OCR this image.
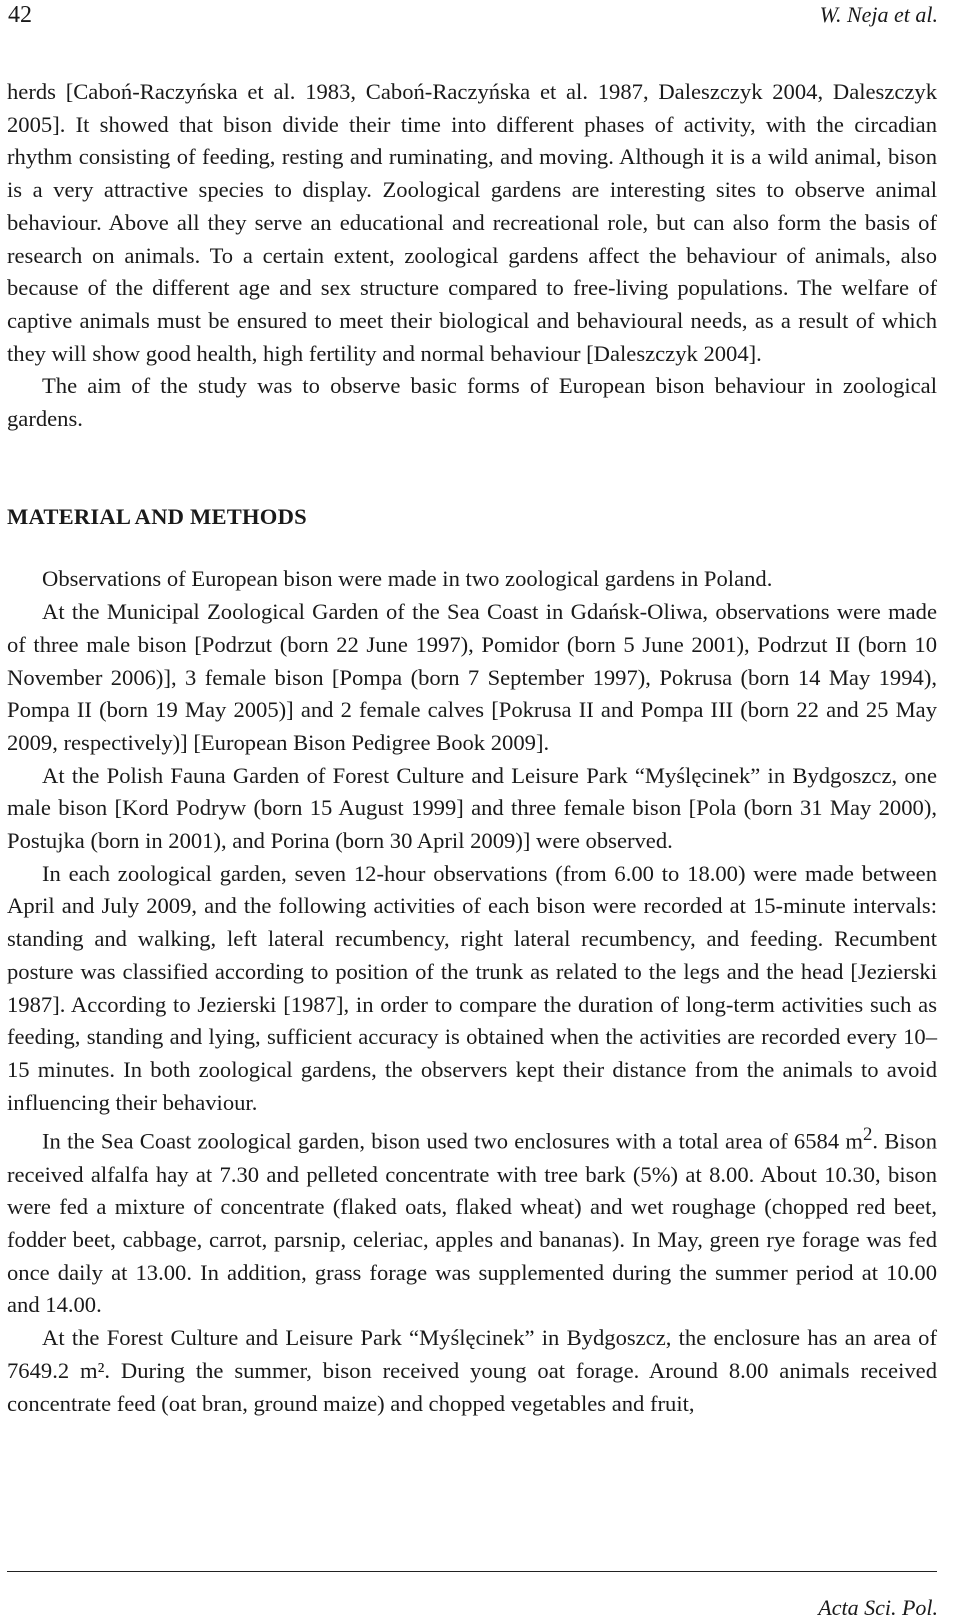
42	W. Neja et al.

herds [Caboń-Raczyńska et al. 1983, Caboń-Raczyńska et al. 1987, Daleszczyk 2004, Daleszczyk 2005]. It showed that bison divide their time into different phases of activity, with the circadian rhythm consisting of feeding, resting and ruminating, and moving. Although it is a wild animal, bison is a very attractive species to display. Zoological gardens are interesting sites to observe animal behaviour. Above all they serve an educational and recreational role, but can also form the basis of research on animals. To a certain extent, zoological gardens affect the behaviour of animals, also because of the different age and sex structure compared to free-living populations. The welfare of captive animals must be ensured to meet their biological and behavioural needs, as a result of which they will show good health, high fertility and normal behaviour [Daleszczyk 2004].

The aim of the study was to observe basic forms of European bison behaviour in zoological gardens.

MATERIAL AND METHODS

Observations of European bison were made in two zoological gardens in Poland.

At the Municipal Zoological Garden of the Sea Coast in Gdańsk-Oliwa, observations were made of three male bison [Podrzut (born 22 June 1997), Pomidor (born 5 June 2001), Podrzut II (born 10 November 2006)], 3 female bison [Pompa (born 7 September 1997), Pokrusa (born 14 May 1994), Pompa II (born 19 May 2005)] and 2 female calves [Pokrusa II and Pompa III (born 22 and 25 May 2009, respectively)] [European Bison Pedigree Book 2009].

At the Polish Fauna Garden of Forest Culture and Leisure Park “Myślęcinek” in Bydgoszcz, one male bison [Kord Podryw (born 15 August 1999] and three female bison [Pola (born 31 May 2000), Postujka (born in 2001), and Porina (born 30 April 2009)] were observed.

In each zoological garden, seven 12-hour observations (from 6.00 to 18.00) were made between April and July 2009, and the following activities of each bison were recorded at 15-minute intervals: standing and walking, left lateral recumbency, right lateral recumbency, and feeding. Recumbent posture was classified according to position of the trunk as related to the legs and the head [Jezierski 1987]. According to Jezierski [1987], in order to compare the duration of long-term activities such as feeding, standing and lying, sufficient accuracy is obtained when the activities are recorded every 10–15 minutes. In both zoological gardens, the observers kept their distance from the animals to avoid influencing their behaviour.

In the Sea Coast zoological garden, bison used two enclosures with a total area of 6584 $m^2$. Bison received alfalfa hay at 7.30 and pelleted concentrate with tree bark (5%) at 8.00. About 10.30, bison were fed a mixture of concentrate (flaked oats, flaked wheat) and wet roughage (chopped red beet, fodder beet, cabbage, carrot, parsnip, celeriac, apples and bananas). In May, green rye forage was fed once daily at 13.00. In addition, grass forage was supplemented during the summer period at 10.00 and 14.00.

At the Forest Culture and Leisure Park “Myślęcinek” in Bydgoszcz, the enclosure has an area of 7649.2 m². During the summer, bison received young oat forage. Around 8.00 animals received concentrate feed (oat bran, ground maize) and chopped vegetables and fruit,

Acta Sci. Pol.
